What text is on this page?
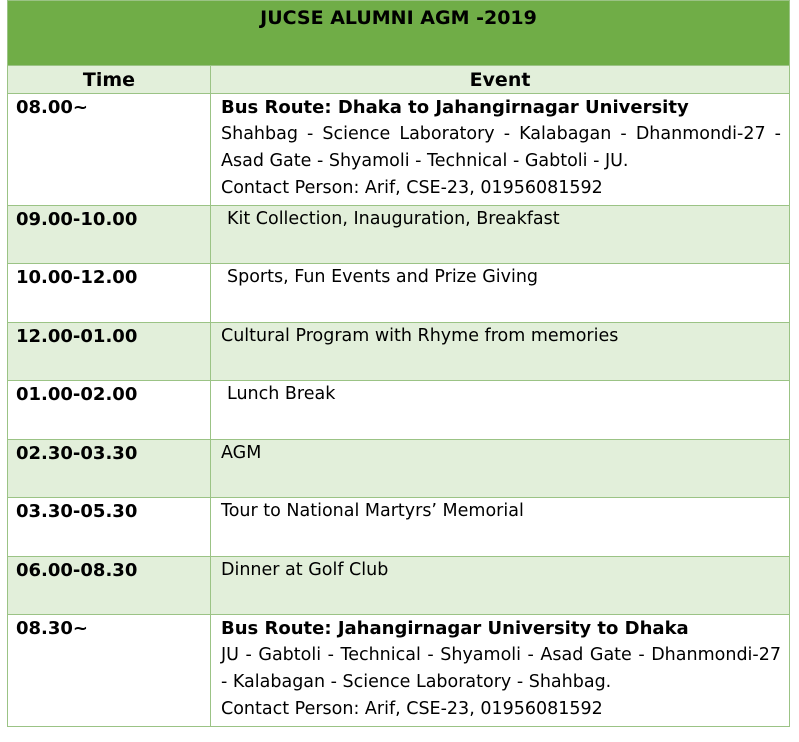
JUCSE ALUMNI AGM -2019	

Time	Event
08.00~	Bus Route: Dhaka to Jahangirnagar University
Shahbag - Science Laboratory - Kalabagan - Dhanmondi-27 - Asad Gate - Shyamoli - Technical - Gabtoli - JU.
Contact Person: Arif, CSE-23, 01956081592

09.00-10.00	Kit Collection, Inauguration, Breakfast
10.00-12.00	Sports, Fun Events and Prize Giving
12.00-01.00	Cultural Program with Rhyme from memories
01.00-02.00	Lunch Break
02.30-03.30	AGM
03.30-05.30	Tour to National Martyrs’ Memorial
06.00-08.30	Dinner at Golf Club
08.30~	Bus Route: Jahangirnagar University to Dhaka
JU - Gabtoli - Technical - Shyamoli - Asad Gate - Dhanmondi-27 - Kalabagan - Science Laboratory - Shahbag.
Contact Person: Arif, CSE-23, 01956081592
